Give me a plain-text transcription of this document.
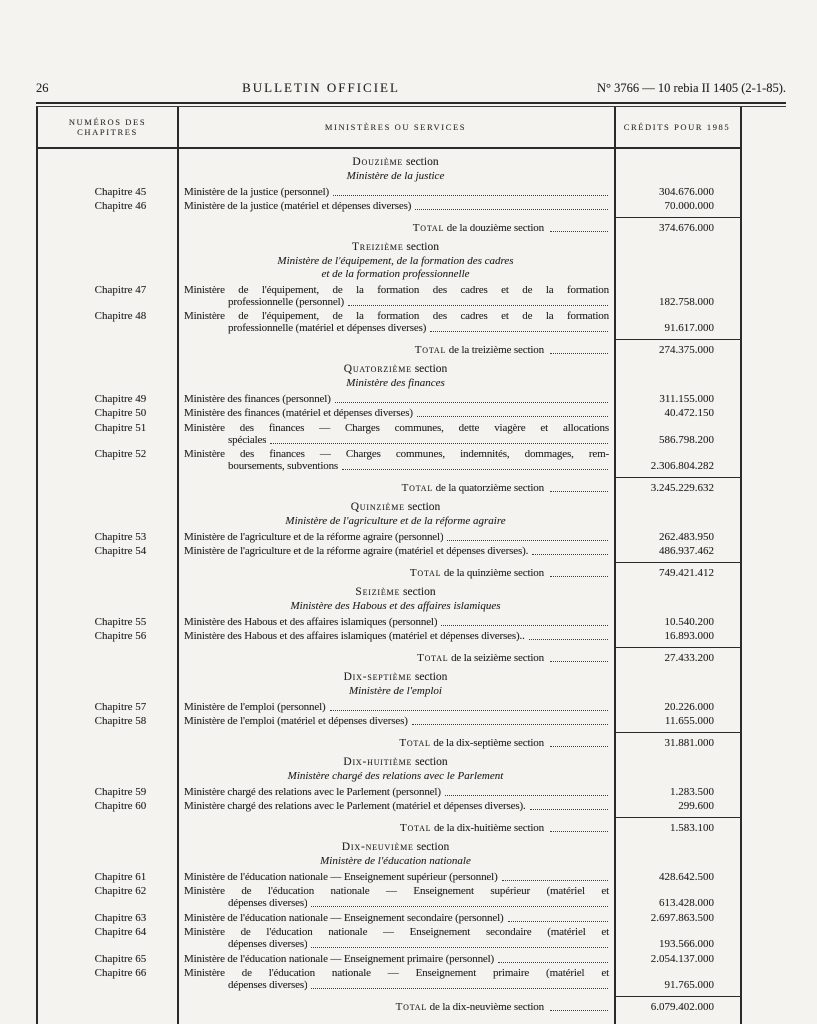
26	BULLETIN OFFICIEL	N° 3766 — 10 rebia II 1405 (2-1-85).
NUMÉROS DES CHAPITRES	MINISTÈRES OU SERVICES	CRÉDITS POUR 1985
Douzième section
Ministère de la justice
Chapitre 45	Ministère de la justice (personnel)	304.676.000
Chapitre 46	Ministère de la justice (matériel et dépenses diverses)	70.000.000
Total de la douzième section	374.676.000
Treizième section
Ministère de l'équipement, de la formation des cadres
et de la formation professionnelle
Chapitre 47	Ministère de l'équipement, de la formation des cadres et de la formation
professionnelle (personnel)	182.758.000
Chapitre 48	Ministère de l'équipement, de la formation des cadres et de la formation
professionnelle (matériel et dépenses diverses)	91.617.000
Total de la treizième section	274.375.000
Quatorzième section
Ministère des finances
Chapitre 49	Ministère des finances (personnel)	311.155.000
Chapitre 50	Ministère des finances (matériel et dépenses diverses)	40.472.150
Chapitre 51	Ministère des finances — Charges communes, dette viagère et allocations
spéciales	586.798.200
Chapitre 52	Ministère des finances — Charges communes, indemnités, dommages, rem-
boursements, subventions	2.306.804.282
Total de la quatorzième section	3.245.229.632
Quinzième section
Ministère de l'agriculture et de la réforme agraire
Chapitre 53	Ministère de l'agriculture et de la réforme agraire (personnel)	262.483.950
Chapitre 54	Ministère de l'agriculture et de la réforme agraire (matériel et dépenses diverses).	486.937.462
Total de la quinzième section	749.421.412
Seizième section
Ministère des Habous et des affaires islamiques
Chapitre 55	Ministère des Habous et des affaires islamiques (personnel)	10.540.200
Chapitre 56	Ministère des Habous et des affaires islamiques (matériel et dépenses diverses)..	16.893.000
Total de la seizième section	27.433.200
Dix-septième section
Ministère de l'emploi
Chapitre 57	Ministère de l'emploi (personnel)	20.226.000
Chapitre 58	Ministère de l'emploi (matériel et dépenses diverses)	11.655.000
Total de la dix-septième section	31.881.000
Dix-huitième section
Ministère chargé des relations avec le Parlement
Chapitre 59	Ministère chargé des relations avec le Parlement (personnel)	1.283.500
Chapitre 60	Ministère chargé des relations avec le Parlement (matériel et dépenses diverses).	299.600
Total de la dix-huitième section	1.583.100
Dix-neuvième section
Ministère de l'éducation nationale
Chapitre 61	Ministère de l'éducation nationale — Enseignement supérieur (personnel)	428.642.500
Chapitre 62	Ministère de l'éducation nationale — Enseignement supérieur (matériel et
dépenses diverses)	613.428.000
Chapitre 63	Ministère de l'éducation nationale — Enseignement secondaire (personnel)	2.697.863.500
Chapitre 64	Ministère de l'éducation nationale — Enseignement secondaire (matériel et
dépenses diverses)	193.566.000
Chapitre 65	Ministère de l'éducation nationale — Enseignement primaire (personnel)	2.054.137.000
Chapitre 66	Ministère de l'éducation nationale — Enseignement primaire (matériel et
dépenses diverses)	91.765.000
Total de la dix-neuvième section	6.079.402.000
